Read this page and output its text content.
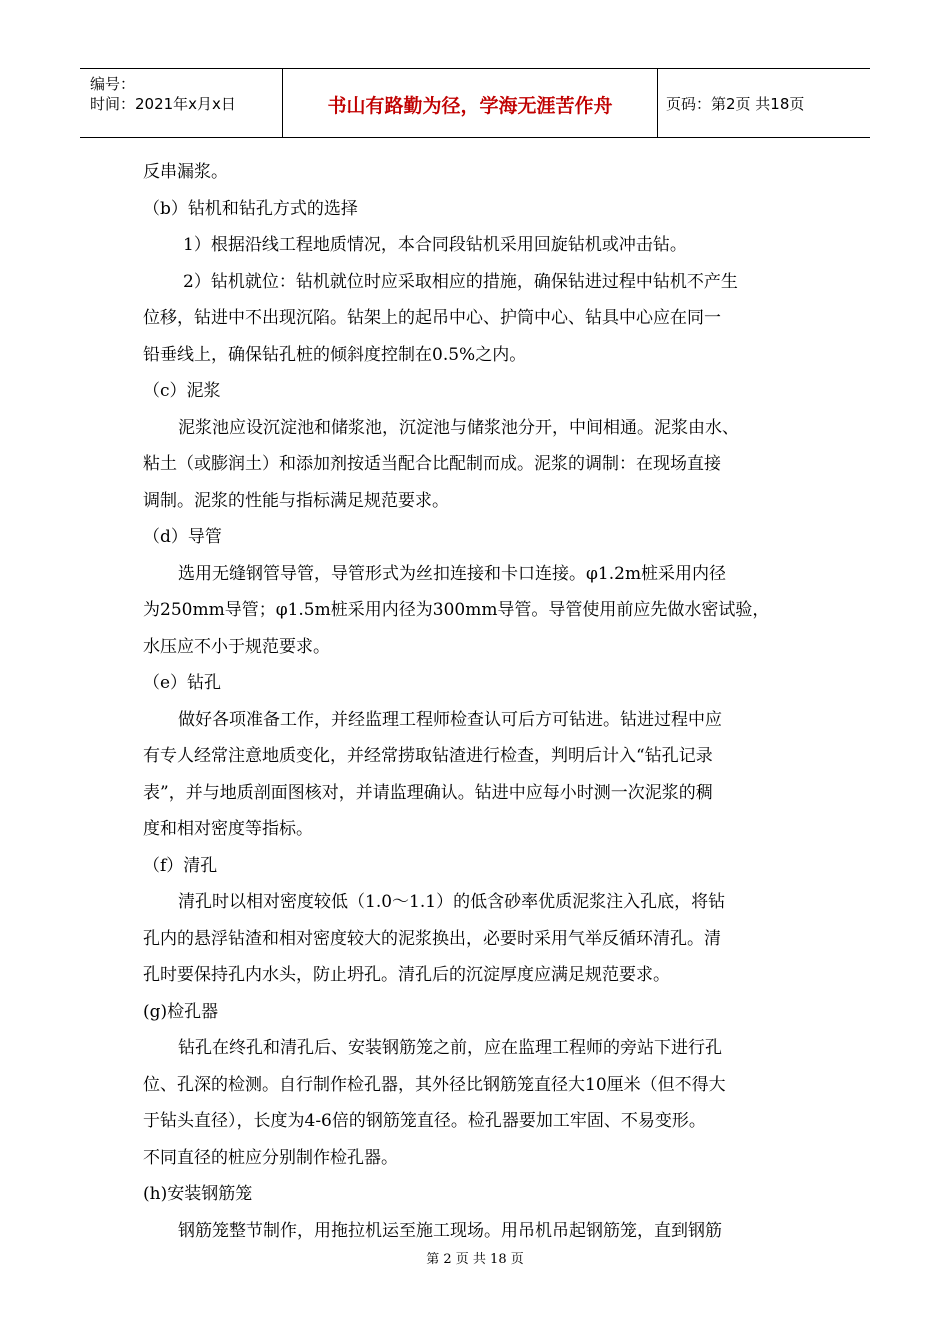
编号：
时间：2021年x月x日	书山有路勤为径，学海无涯苦作舟	页码：第2页 共18页

反串漏浆。

（b）钻机和钻孔方式的选择

1）根据沿线工程地质情况，本合同段钻机采用回旋钻机或冲击钻。

2）钻机就位：钻机就位时应采取相应的措施，确保钻进过程中钻机不产生

位移，钻进中不出现沉陷。钻架上的起吊中心、护筒中心、钻具中心应在同一

铅垂线上，确保钻孔桩的倾斜度控制在0.5%之内。

（c）泥浆

泥浆池应设沉淀池和储浆池，沉淀池与储浆池分开，中间相通。泥浆由水、

粘土（或膨润土）和添加剂按适当配合比配制而成。泥浆的调制：在现场直接

调制。泥浆的性能与指标满足规范要求。

（d）导管

选用无缝钢管导管，导管形式为丝扣连接和卡口连接。φ1.2m桩采用内径

为250mm导管；φ1.5m桩采用内径为300mm导管。导管使用前应先做水密试验，

水压应不小于规范要求。

（e）钻孔

做好各项准备工作，并经监理工程师检查认可后方可钻进。钻进过程中应

有专人经常注意地质变化，并经常捞取钻渣进行检查，判明后计入“钻孔记录

表”，并与地质剖面图核对，并请监理确认。钻进中应每小时测一次泥浆的稠

度和相对密度等指标。

（f）清孔

清孔时以相对密度较低（1.0～1.1）的低含砂率优质泥浆注入孔底，将钻

孔内的悬浮钻渣和相对密度较大的泥浆换出，必要时采用气举反循环清孔。清

孔时要保持孔内水头，防止坍孔。清孔后的沉淀厚度应满足规范要求。

(g)检孔器

钻孔在终孔和清孔后、安装钢筋笼之前，应在监理工程师的旁站下进行孔

位、孔深的检测。自行制作检孔器，其外径比钢筋笼直径大10厘米（但不得大

于钻头直径），长度为4-6倍的钢筋笼直径。检孔器要加工牢固、不易变形。

不同直径的桩应分别制作检孔器。

(h)安装钢筋笼

钢筋笼整节制作，用拖拉机运至施工现场。用吊机吊起钢筋笼，直到钢筋

第 2 页 共 18 页
